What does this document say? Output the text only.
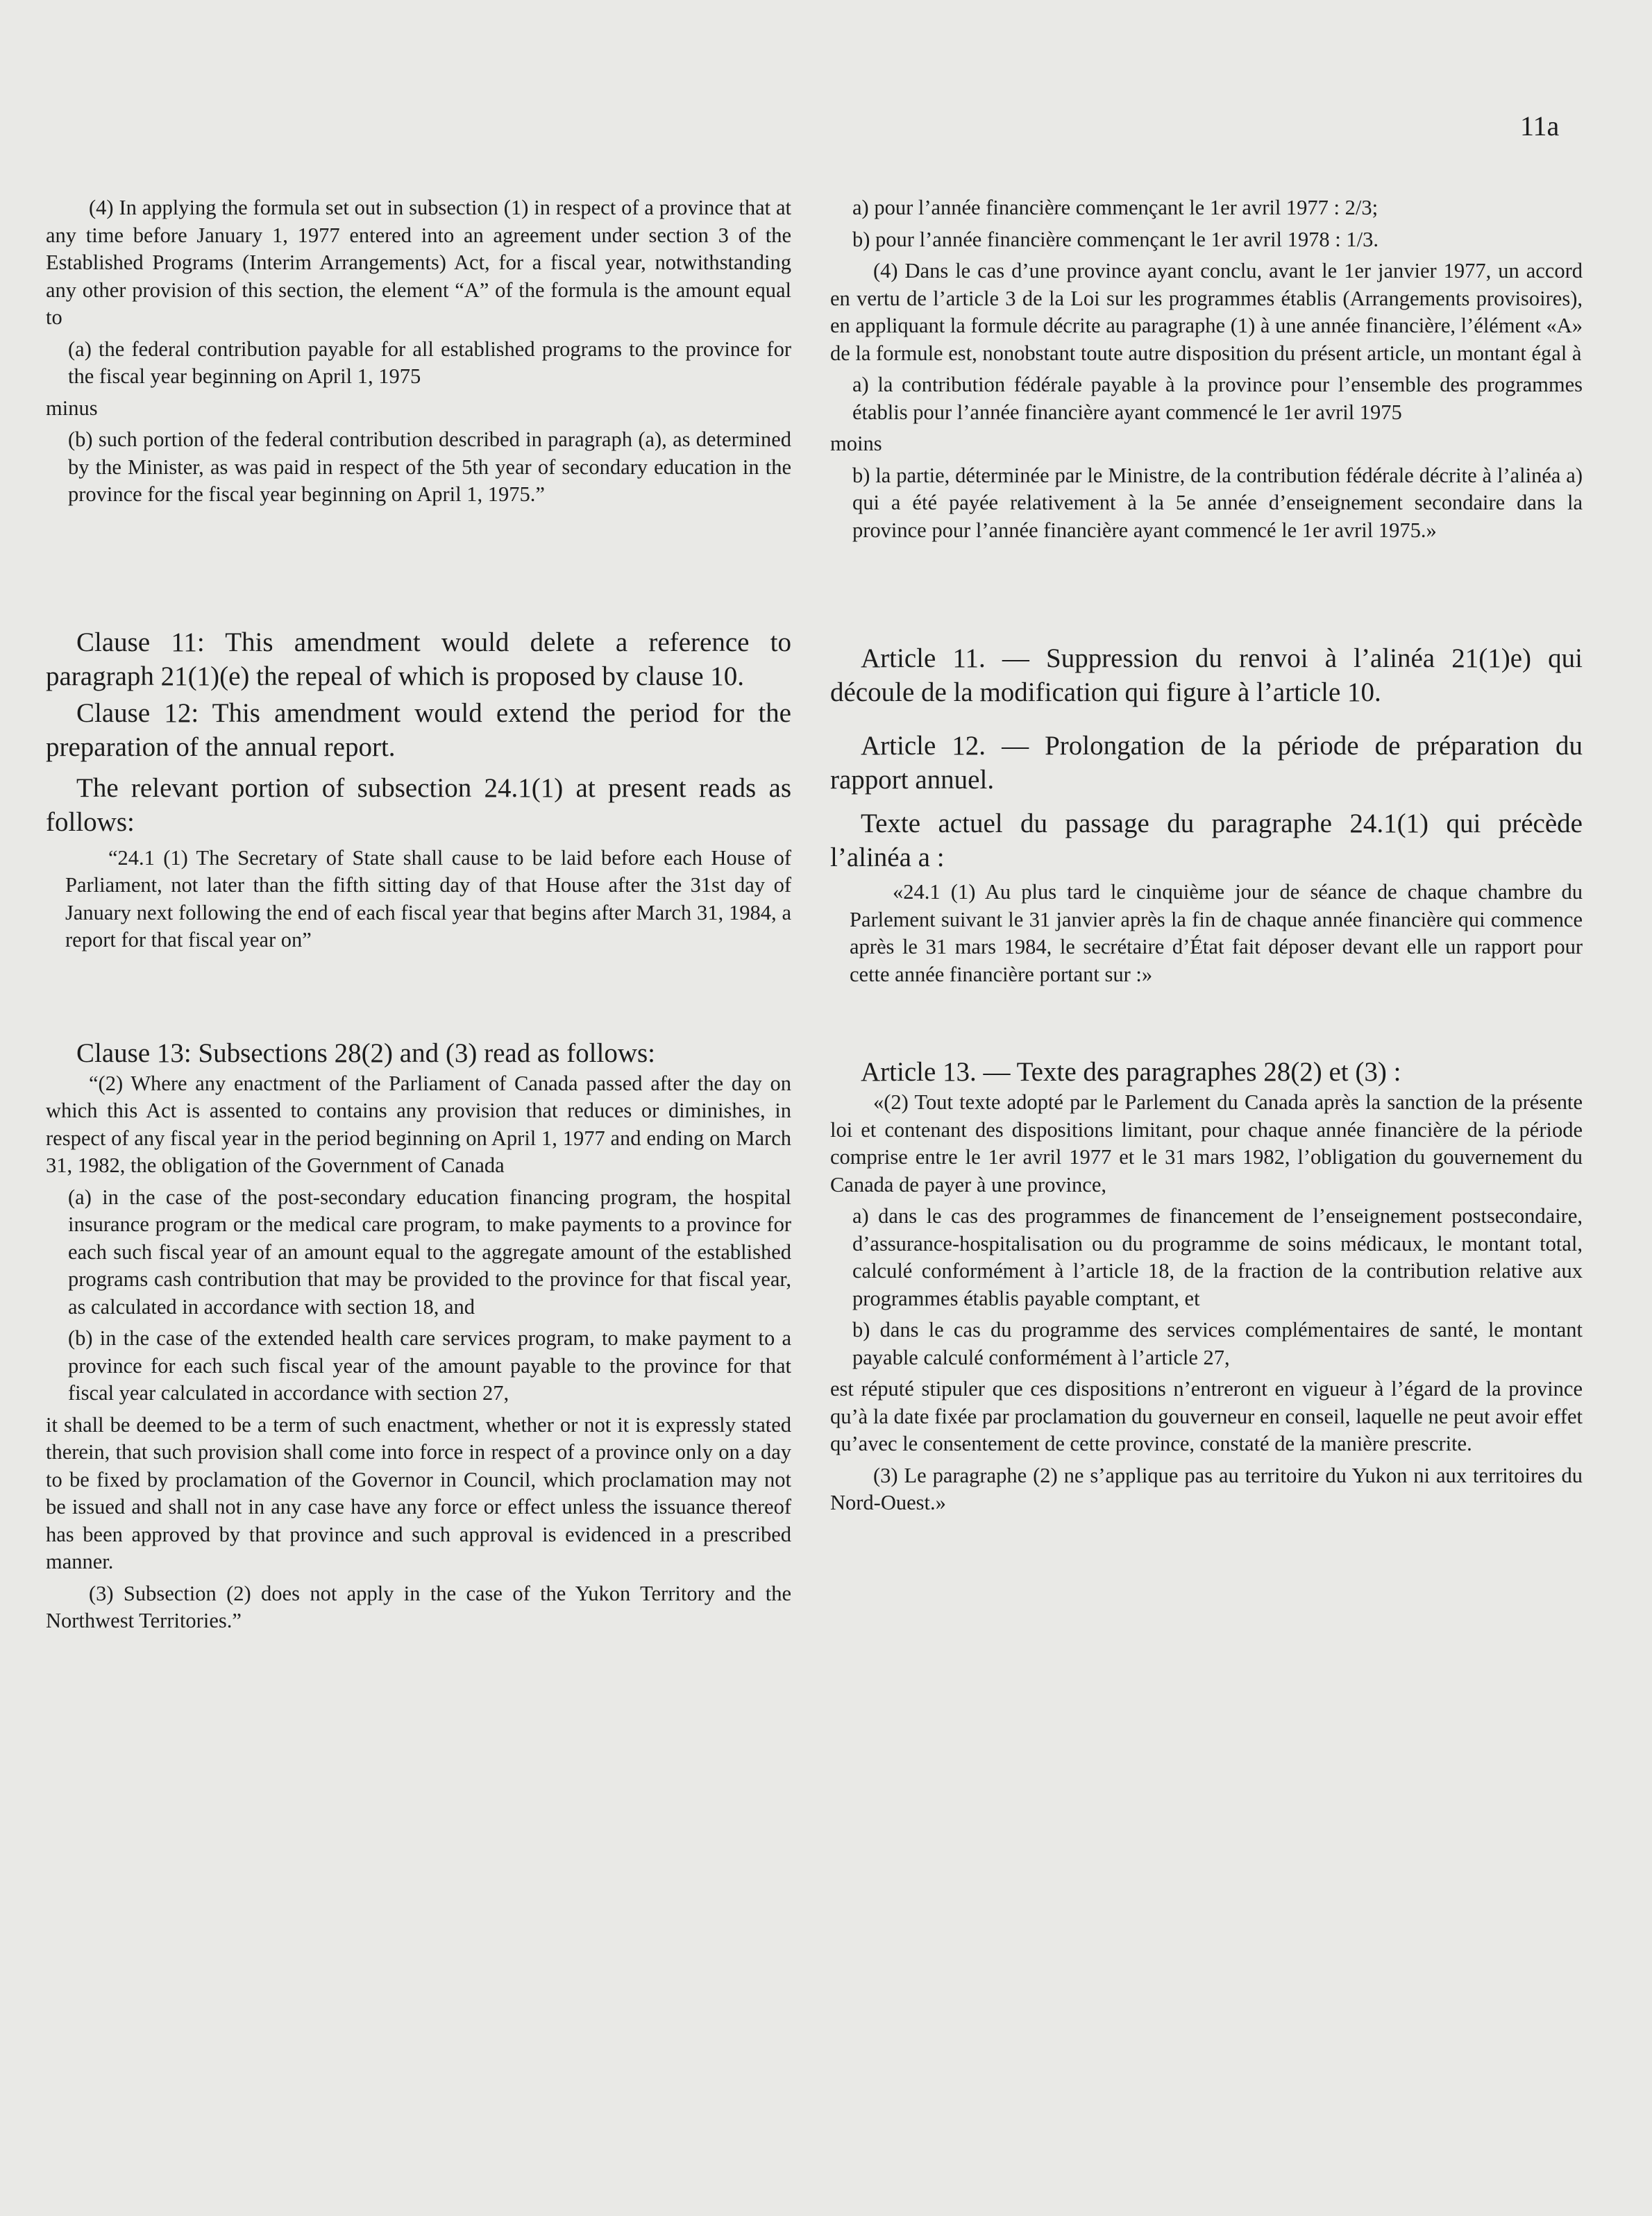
11a

(4) In applying the formula set out in subsection (1) in respect of a province that at any time before January 1, 1977 entered into an agreement under section 3 of the Established Programs (Interim Arrangements) Act, for a fiscal year, notwithstanding any other provision of this section, the element “A” of the formula is the amount equal to

(a) the federal contribution payable for all established programs to the province for the fiscal year beginning on April 1, 1975

minus

(b) such portion of the federal contribution described in paragraph (a), as determined by the Minister, as was paid in respect of the 5th year of secondary education in the province for the fiscal year beginning on April 1, 1975.”

Clause 11: This amendment would delete a reference to paragraph 21(1)(e) the repeal of which is proposed by clause 10.

Clause 12: This amendment would extend the period for the preparation of the annual report.

The relevant portion of subsection 24.1(1) at present reads as follows:

“24.1 (1) The Secretary of State shall cause to be laid before each House of Parliament, not later than the fifth sitting day of that House after the 31st day of January next following the end of each fiscal year that begins after March 31, 1984, a report for that fiscal year on”

Clause 13: Subsections 28(2) and (3) read as follows:

“(2) Where any enactment of the Parliament of Canada passed after the day on which this Act is assented to contains any provision that reduces or diminishes, in respect of any fiscal year in the period beginning on April 1, 1977 and ending on March 31, 1982, the obligation of the Government of Canada

(a) in the case of the post-secondary education financing program, the hospital insurance program or the medical care program, to make payments to a province for each such fiscal year of an amount equal to the aggregate amount of the established programs cash contribution that may be provided to the province for that fiscal year, as calculated in accordance with section 18, and

(b) in the case of the extended health care services program, to make payment to a province for each such fiscal year of the amount payable to the province for that fiscal year calculated in accordance with section 27,

it shall be deemed to be a term of such enactment, whether or not it is expressly stated therein, that such provision shall come into force in respect of a province only on a day to be fixed by proclamation of the Governor in Council, which proclamation may not be issued and shall not in any case have any force or effect unless the issuance thereof has been approved by that province and such approval is evidenced in a prescribed manner.

(3) Subsection (2) does not apply in the case of the Yukon Territory and the Northwest Territories.”

a) pour l’année financière commençant le 1er avril 1977 : 2/3;

b) pour l’année financière commençant le 1er avril 1978 : 1/3.

(4) Dans le cas d’une province ayant conclu, avant le 1er janvier 1977, un accord en vertu de l’article 3 de la Loi sur les programmes établis (Arrangements provisoires), en appliquant la formule décrite au paragraphe (1) à une année financière, l’élément «A» de la formule est, nonobstant toute autre disposition du présent article, un montant égal à

a) la contribution fédérale payable à la province pour l’ensemble des programmes établis pour l’année financière ayant commencé le 1er avril 1975

moins

b) la partie, déterminée par le Ministre, de la contribution fédérale décrite à l’alinéa a) qui a été payée relativement à la 5e année d’enseignement secondaire dans la province pour l’année financière ayant commencé le 1er avril 1975.»

Article 11. — Suppression du renvoi à l’alinéa 21(1)e) qui découle de la modification qui figure à l’article 10.

Article 12. — Prolongation de la période de préparation du rapport annuel.

Texte actuel du passage du paragraphe 24.1(1) qui précède l’alinéa a :

«24.1 (1) Au plus tard le cinquième jour de séance de chaque chambre du Parlement suivant le 31 janvier après la fin de chaque année financière qui commence après le 31 mars 1984, le secrétaire d’État fait déposer devant elle un rapport pour cette année financière portant sur :»

Article 13. — Texte des paragraphes 28(2) et (3) :

«(2) Tout texte adopté par le Parlement du Canada après la sanction de la présente loi et contenant des dispositions limitant, pour chaque année financière de la période comprise entre le 1er avril 1977 et le 31 mars 1982, l’obligation du gouvernement du Canada de payer à une province,

a) dans le cas des programmes de financement de l’enseignement postsecondaire, d’assurance-hospitalisation ou du programme de soins médicaux, le montant total, calculé conformément à l’article 18, de la fraction de la contribution relative aux programmes établis payable comptant, et

b) dans le cas du programme des services complémentaires de santé, le montant payable calculé conformément à l’article 27,

est réputé stipuler que ces dispositions n’entreront en vigueur à l’égard de la province qu’à la date fixée par proclamation du gouverneur en conseil, laquelle ne peut avoir effet qu’avec le consentement de cette province, constaté de la manière prescrite.

(3) Le paragraphe (2) ne s’applique pas au territoire du Yukon ni aux territoires du Nord-Ouest.»
